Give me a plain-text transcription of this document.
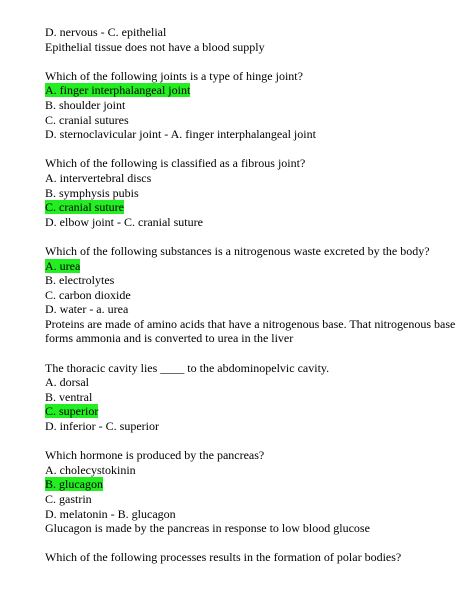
D. nervous - C. epithelial
Epithelial tissue does not have a blood supply
Which of the following joints is a type of hinge joint?
A. finger interphalangeal joint
B. shoulder joint
C. cranial sutures
D. sternoclavicular joint - A. finger interphalangeal joint
Which of the following is classified as a fibrous joint?
A. intervertebral discs
B. symphysis pubis
C. cranial suture
D. elbow joint - C. cranial suture
Which of the following substances is a nitrogenous waste excreted by the body?
A. urea
B. electrolytes
C. carbon dioxide
D. water - a. urea
Proteins are made of amino acids that have a nitrogenous base. That nitrogenous base
forms ammonia and is converted to urea in the liver
The thoracic cavity lies ____ to the abdominopelvic cavity.
A. dorsal
B. ventral
C. superior
D. inferior - C. superior
Which hormone is produced by the pancreas?
A. cholecystokinin
B. glucagon
C. gastrin
D. melatonin - B. glucagon
Glucagon is made by the pancreas in response to low blood glucose
Which of the following processes results in the formation of polar bodies?
